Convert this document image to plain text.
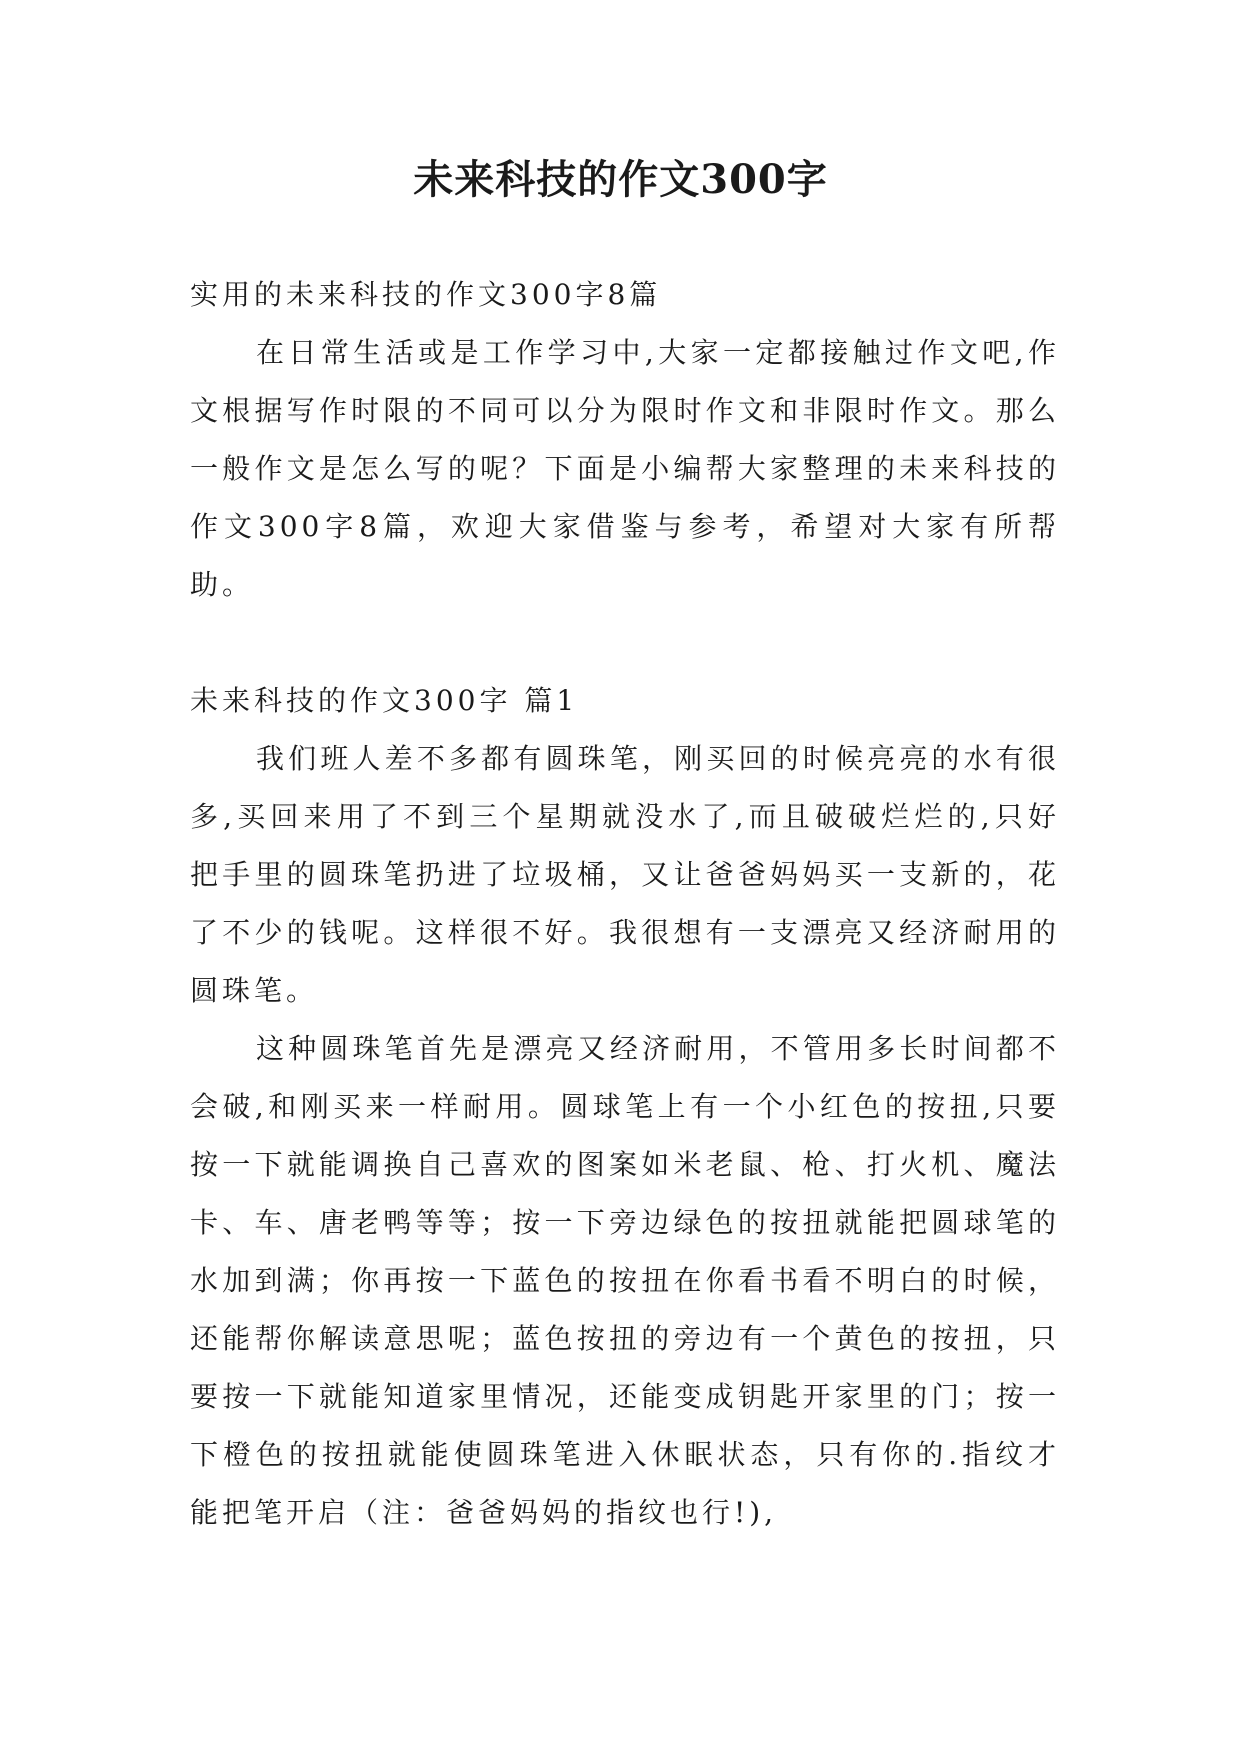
未来科技的作文300字

实用的未来科技的作文300字8篇

在日常生活或是工作学习中,大家一定都接触过作文吧,作文根据写作时限的不同可以分为限时作文和非限时作文。那么一般作文是怎么写的呢？下面是小编帮大家整理的未来科技的作文300字8篇，欢迎大家借鉴与参考，希望对大家有所帮助。

未来科技的作文300字 篇1

我们班人差不多都有圆珠笔，刚买回的时候亮亮的水有很多,买回来用了不到三个星期就没水了,而且破破烂烂的,只好把手里的圆珠笔扔进了垃圾桶，又让爸爸妈妈买一支新的，花了不少的钱呢。这样很不好。我很想有一支漂亮又经济耐用的圆珠笔。

这种圆珠笔首先是漂亮又经济耐用，不管用多长时间都不会破,和刚买来一样耐用。圆球笔上有一个小红色的按扭,只要按一下就能调换自己喜欢的图案如米老鼠、枪、打火机、魔法卡、车、唐老鸭等等；按一下旁边绿色的按扭就能把圆球笔的水加到满；你再按一下蓝色的按扭在你看书看不明白的时候，还能帮你解读意思呢；蓝色按扭的旁边有一个黄色的按扭，只要按一下就能知道家里情况，还能变成钥匙开家里的门；按一下橙色的按扭就能使圆珠笔进入休眠状态，只有你的.指纹才能把笔开启（注：爸爸妈妈的指纹也行!),
